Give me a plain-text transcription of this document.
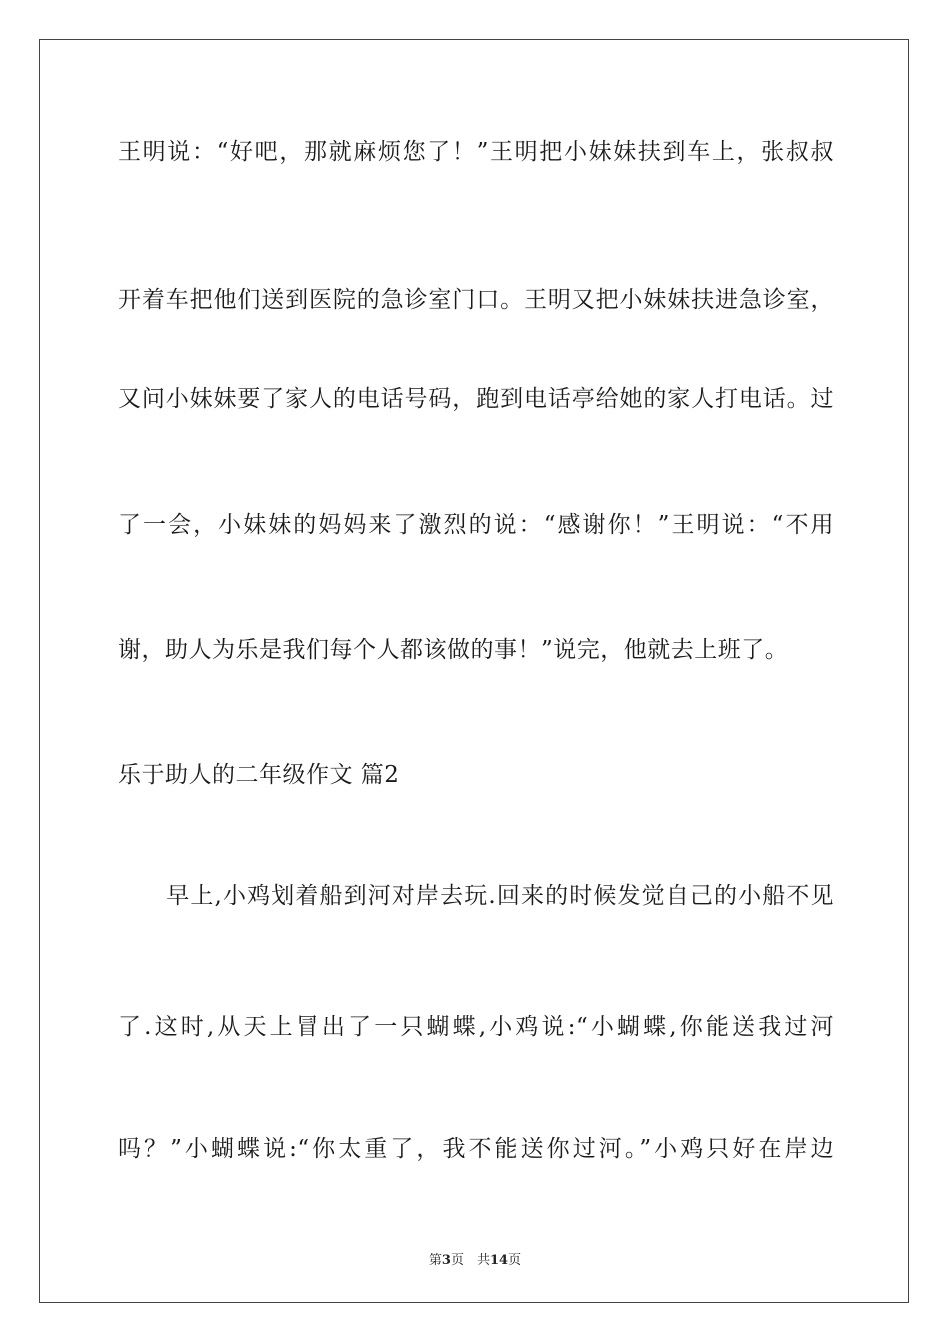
王明说：“好吧，那就麻烦您了！”王明把小妹妹扶到车上，张叔叔
开着车把他们送到医院的急诊室门口。王明又把小妹妹扶进急诊室，
又问小妹妹要了家人的电话号码，跑到电话亭给她的家人打电话。过
了一会，小妹妹的妈妈来了激烈的说：“感谢你！”王明说：“不用
谢，助人为乐是我们每个人都该做的事！”说完，他就去上班了。
乐于助人的二年级作文 篇2
　　早上,小鸡划着船到河对岸去玩.回来的时候发觉自己的小船不见
了.这时,从天上冒出了一只蝴蝶,小鸡说:“小蝴蝶,你能送我过河
吗？”小蝴蝶说:“你太重了，我不能送你过河。”小鸡只好在岸边
第3页　共14页
